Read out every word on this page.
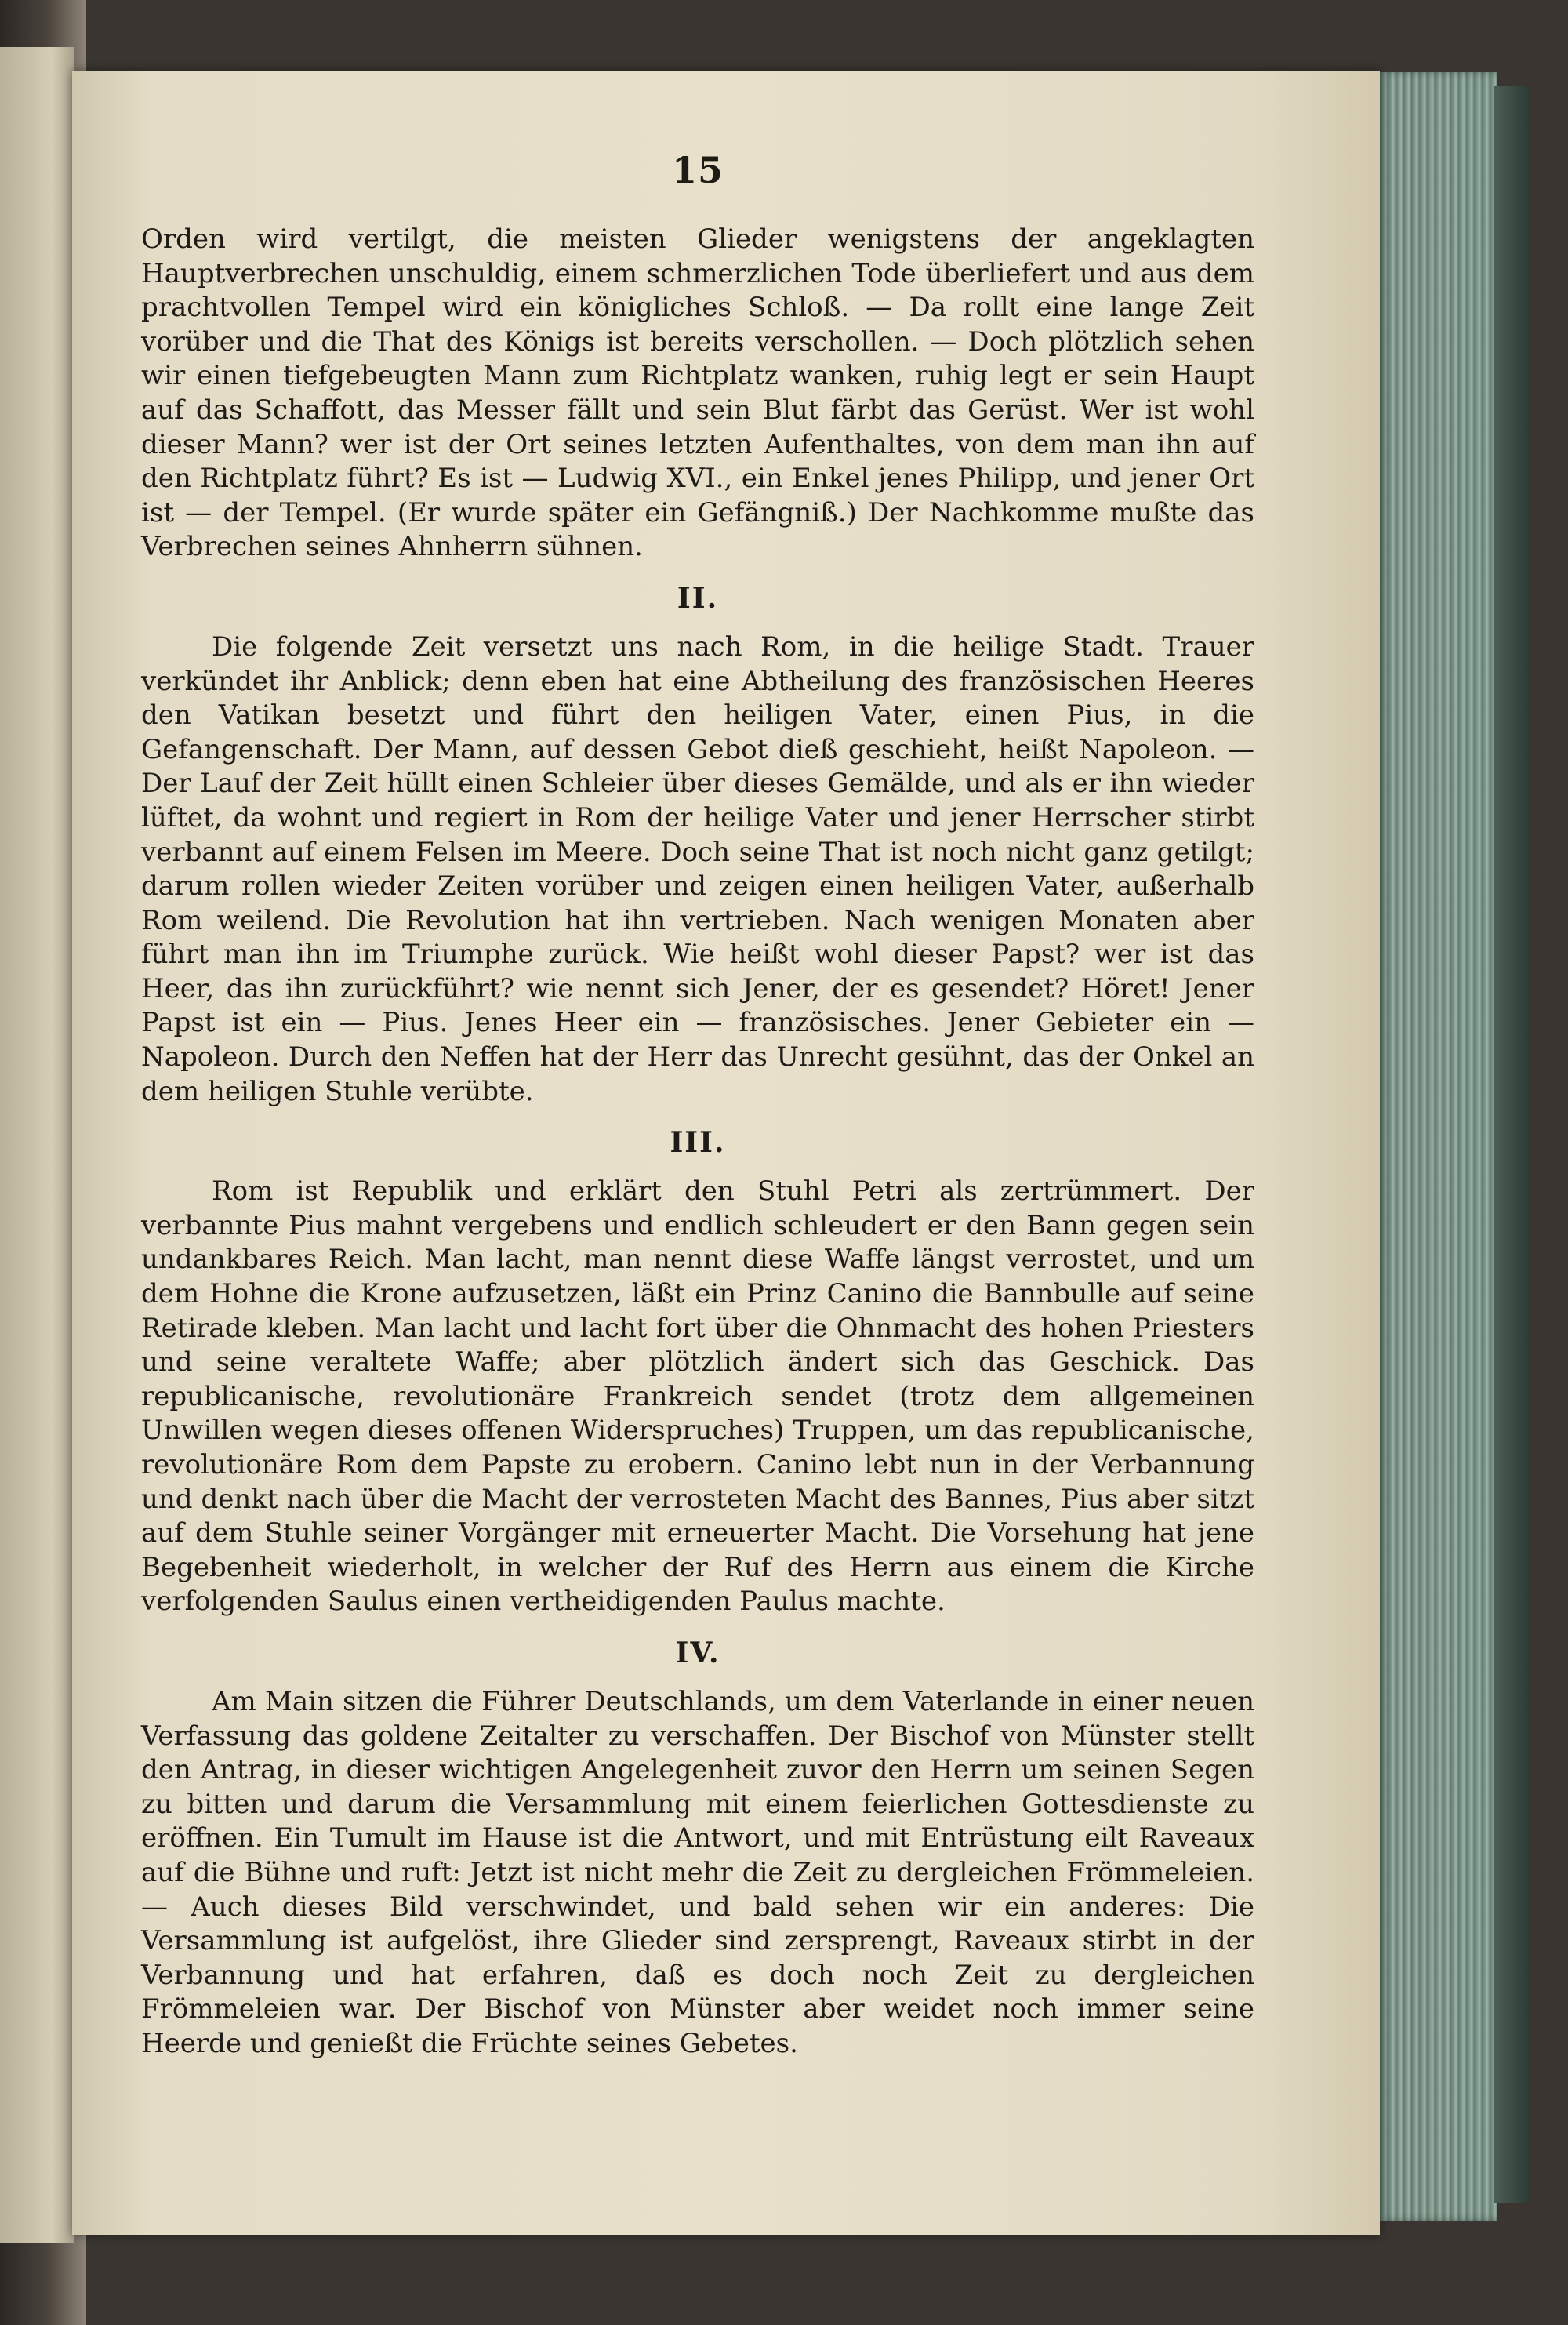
15

Orden wird vertilgt, die meisten Glieder wenigstens der angeklagten Hauptverbrechen unschuldig, einem schmerzlichen Tode überliefert und aus dem prachtvollen Tempel wird ein königliches Schloß. — Da rollt eine lange Zeit vorüber und die That des Königs ist bereits verschollen. — Doch plötzlich sehen wir einen tiefgebeugten Mann zum Richtplatz wanken, ruhig legt er sein Haupt auf das Schaffott, das Messer fällt und sein Blut färbt das Gerüst. Wer ist wohl dieser Mann? wer ist der Ort seines letzten Aufenthaltes, von dem man ihn auf den Richtplatz führt? Es ist — Ludwig XVI., ein Enkel jenes Philipp, und jener Ort ist — der Tempel. (Er wurde später ein Gefängniß.) Der Nachkomme mußte das Verbrechen seines Ahnherrn sühnen.

II.

Die folgende Zeit versetzt uns nach Rom, in die heilige Stadt. Trauer verkündet ihr Anblick; denn eben hat eine Abtheilung des französischen Heeres den Vatikan besetzt und führt den heiligen Vater, einen Pius, in die Gefangenschaft. Der Mann, auf dessen Gebot dieß geschieht, heißt Napoleon. — Der Lauf der Zeit hüllt einen Schleier über dieses Gemälde, und als er ihn wieder lüftet, da wohnt und regiert in Rom der heilige Vater und jener Herrscher stirbt verbannt auf einem Felsen im Meere. Doch seine That ist noch nicht ganz getilgt; darum rollen wieder Zeiten vorüber und zeigen einen heiligen Vater, außerhalb Rom weilend. Die Revolution hat ihn vertrieben. Nach wenigen Monaten aber führt man ihn im Triumphe zurück. Wie heißt wohl dieser Papst? wer ist das Heer, das ihn zurückführt? wie nennt sich Jener, der es gesendet? Höret! Jener Papst ist ein — Pius. Jenes Heer ein — französisches. Jener Gebieter ein — Napoleon. Durch den Neffen hat der Herr das Unrecht gesühnt, das der Onkel an dem heiligen Stuhle verübte.

III.

Rom ist Republik und erklärt den Stuhl Petri als zertrümmert. Der verbannte Pius mahnt vergebens und endlich schleudert er den Bann gegen sein undankbares Reich. Man lacht, man nennt diese Waffe längst verrostet, und um dem Hohne die Krone aufzusetzen, läßt ein Prinz Canino die Bannbulle auf seine Retirade kleben. Man lacht und lacht fort über die Ohnmacht des hohen Priesters und seine veraltete Waffe; aber plötzlich ändert sich das Geschick. Das republicanische, revolutionäre Frankreich sendet (trotz dem allgemeinen Unwillen wegen dieses offenen Widerspruches) Truppen, um das republicanische, revolutionäre Rom dem Papste zu erobern. Canino lebt nun in der Verbannung und denkt nach über die Macht der verrosteten Macht des Bannes, Pius aber sitzt auf dem Stuhle seiner Vorgänger mit erneuerter Macht. Die Vorsehung hat jene Begebenheit wiederholt, in welcher der Ruf des Herrn aus einem die Kirche verfolgenden Saulus einen vertheidigenden Paulus machte.

IV.

Am Main sitzen die Führer Deutschlands, um dem Vaterlande in einer neuen Verfassung das goldene Zeitalter zu verschaffen. Der Bischof von Münster stellt den Antrag, in dieser wichtigen Angelegenheit zuvor den Herrn um seinen Segen zu bitten und darum die Versammlung mit einem feierlichen Gottesdienste zu eröffnen. Ein Tumult im Hause ist die Antwort, und mit Entrüstung eilt Raveaux auf die Bühne und ruft: Jetzt ist nicht mehr die Zeit zu dergleichen Frömmeleien. — Auch dieses Bild verschwindet, und bald sehen wir ein anderes: Die Versammlung ist aufgelöst, ihre Glieder sind zersprengt, Raveaux stirbt in der Verbannung und hat erfahren, daß es doch noch Zeit zu dergleichen Frömmeleien war. Der Bischof von Münster aber weidet noch immer seine Heerde und genießt die Früchte seines Gebetes.
